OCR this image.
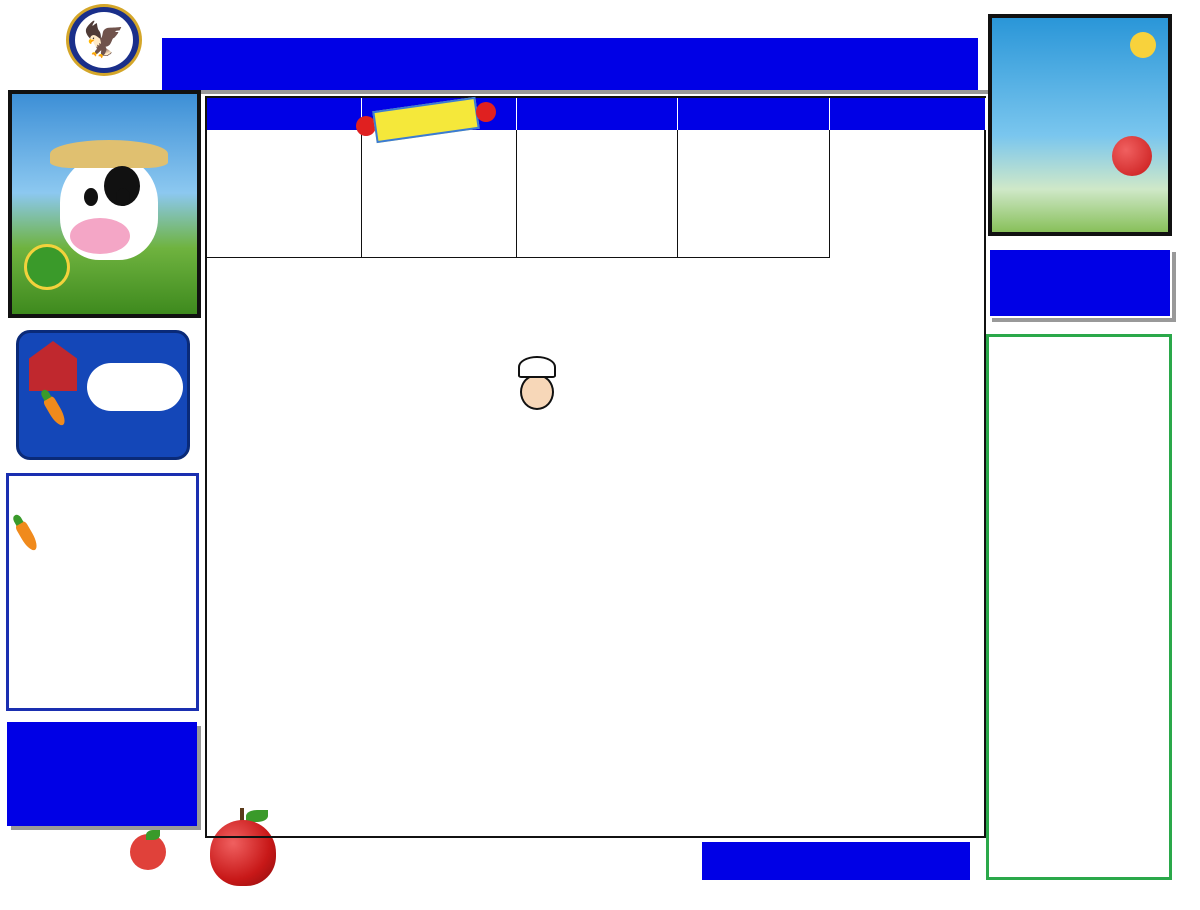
🦅
